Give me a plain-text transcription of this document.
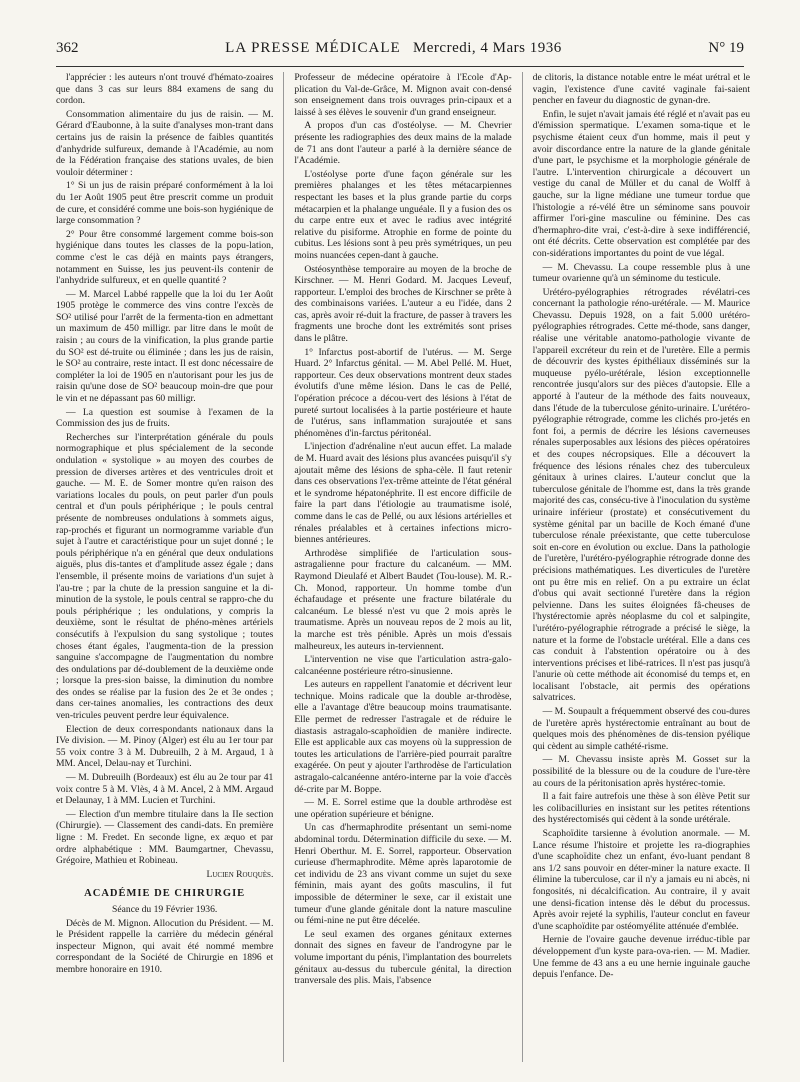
362	LA PRESSE MÉDICALE Mercredi, 4 Mars 1936	N° 19

l'apprécier : les auteurs n'ont trouvé d'hémato-zoaires que dans 3 cas sur leurs 884 examens de sang du cordon.

Consommation alimentaire du jus de raisin. — M. Gérard d'Eaubonne, à la suite d'analyses mon-trant dans certains jus de raisin la présence de faibles quantités d'anhydride sulfureux, demande à l'Académie, au nom de la Fédération française des stations uvales, de bien vouloir déterminer :

1° Si un jus de raisin préparé conformément à la loi du 1er Août 1905 peut être prescrit comme un produit de cure, et considéré comme une bois-son hygiénique de large consommation ?

2° Pour être consommé largement comme bois-son hygiénique dans toutes les classes de la popu-lation, comme c'est le cas déjà en maints pays étrangers, notamment en Suisse, les jus peuvent-ils contenir de l'anhydride sulfureux, et en quelle quantité ?

— M. Marcel Labbé rappelle que la loi du 1er Août 1905 protège le commerce des vins contre l'excès de SO² utilisé pour l'arrêt de la fermenta-tion en admettant un maximum de 450 milligr. par litre dans le moût de raisin ; au cours de la vinification, la plus grande partie du SO² est dé-truite ou éliminée ; dans les jus de raisin, le SO² au contraire, reste intact. Il est donc nécessaire de compléter la loi de 1905 en n'autorisant pour les jus de raisin qu'une dose de SO² beaucoup moin-dre que pour le vin et ne dépassant pas 60 milligr.

— La question est soumise à l'examen de la Commission des jus de fruits.

Recherches sur l'interprétation générale du pouls normographique et plus spécialement de la seconde ondulation « systolique » au moyen des courbes de pression de diverses artères et des ventricules droit et gauche. — M. E. de Somer montre qu'en raison des variations locales du pouls, on peut parler d'un pouls central et d'un pouls périphérique ; le pouls central présente de nombreuses ondulations à sommets aigus, rap-prochés et figurant un normogramme variable d'un sujet à l'autre et caractéristique pour un sujet donné ; le pouls périphérique n'a en général que deux ondulations aiguës, plus dis-tantes et d'amplitude assez égale ; dans l'ensemble, il présente moins de variations d'un sujet à l'au-tre ; par la chute de la pression sanguine et la di-minution de la systole, le pouls central se rappro-che du pouls périphérique ; les ondulations, y compris la deuxième, sont le résultat de phéno-mènes artériels consécutifs à l'expulsion du sang systolique ; toutes choses étant égales, l'augmenta-tion de la pression sanguine s'accompagne de l'augmentation du nombre des ondulations par dé-doublement de la deuxième onde ; lorsque la pres-sion baisse, la diminution du nombre des ondes se réalise par la fusion des 2e et 3e ondes ; dans cer-taines anomalies, les contractions des deux ven-tricules peuvent perdre leur équivalence.

Election de deux correspondants nationaux dans la IVe division. — M. Pinoy (Alger) est élu au 1er tour par 55 voix contre 3 à M. Dubreuilh, 2 à M. Argaud, 1 à MM. Ancel, Delau-nay et Turchini.

— M. Dubreuilh (Bordeaux) est élu au 2e tour par 41 voix contre 5 à M. Vlès, 4 à M. Ancel, 2 à MM. Argaud et Delaunay, 1 à MM. Lucien et Turchini.

— Election d'un membre titulaire dans la IIe section (Chirurgie). — Classement des candi-dats. En première ligne : M. Fredet. En seconde ligne, ex æquo et par ordre alphabétique : MM. Baumgartner, Chevassu, Grégoire, Mathieu et Robineau.

Lucien Rouquès.

ACADÉMIE DE CHIRURGIE

Séance du 19 Février 1936.

Décès de M. Mignon. Allocution du Président. — M. le Président rappelle la carrière du médecin général inspecteur Mignon, qui avait été nommé membre correspondant de la Société de Chirurgie en 1896 et membre honoraire en 1910.

Professeur de médecine opératoire à l'Ecole d'Ap-plication du Val-de-Grâce, M. Mignon avait con-densé son enseignement dans trois ouvrages prin-cipaux et a laissé à ses élèves le souvenir d'un grand enseigneur.

A propos d'un cas d'ostéolyse. — M. Chevrier présente les radiographies des deux mains de la malade de 71 ans dont l'auteur a parlé à la dernière séance de l'Académie.

L'ostéolyse porte d'une façon générale sur les premières phalanges et les têtes métacarpiennes respectant les bases et la plus grande partie du corps métacarpien et la phalange unguéale. Il y a fusion des os du carpe entre eux et avec le radius avec intégrité relative du pisiforme. Atrophie en forme de pointe du cubitus. Les lésions sont à peu près symétriques, un peu moins nuancées cepen-dant à gauche.

Ostéosynthèse temporaire au moyen de la broche de Kirschner. — M. Henri Godard. M. Jacques Leveuf, rapporteur. L'emploi des broches de Kirschner se prête à des combinaisons variées. L'auteur a eu l'idée, dans 2 cas, après avoir ré-duit la fracture, de passer à travers les fragments une broche dont les extrémités sont prises dans le plâtre.

1° Infarctus post-abortif de l'utérus. — M. Serge Huard. 2° Infarctus génital. — M. Abel Pellé. M. Huet, rapporteur. Ces deux observations montrent deux stades évolutifs d'une même lésion. Dans le cas de Pellé, l'opération précoce a décou-vert des lésions à l'état de pureté surtout localisées à la partie postérieure et haute de l'utérus, sans inflammation surajoutée et sans phénomènes d'in-farctus péritonéal.

L'injection d'adrénaline n'eut aucun effet. La malade de M. Huard avait des lésions plus avancées puisqu'il s'y ajoutait même des lésions de spha-cèle. Il faut retenir dans ces observations l'ex-trême atteinte de l'état général et le syndrome hépatonéphrite. Il est encore difficile de faire la part dans l'étiologie au traumatisme isolé, comme dans le cas de Pellé, ou aux lésions artérielles et rénales préalables et à certaines infections micro-biennes antérieures.

Arthrodèse simplifiée de l'articulation sous-astragalienne pour fracture du calcanéum. — MM. Raymond Dieulafé et Albert Baudet (Tou-louse). M. R.-Ch. Monod, rapporteur. Un homme tombe d'un échafaudage et présente une fracture bilatérale du calcanéum. Le blessé n'est vu que 2 mois après le traumatisme. Après un nouveau repos de 2 mois au lit, la marche est très pénible. Après un mois d'essais malheureux, les auteurs in-terviennent.

L'intervention ne vise que l'articulation astra-galo-calcanéenne postérieure rétro-sinusienne.

Les auteurs en rappellent l'anatomie et décrivent leur technique. Moins radicale que la double ar-throdèse, elle a l'avantage d'être beaucoup moins traumatisante. Elle permet de redresser l'astragale et de réduire le diastasis astragalo-scaphoïdien de manière indirecte. Elle est applicable aux cas moyens où la suppression de toutes les articulations de l'arrière-pied pourrait paraître exagérée. On peut y ajouter l'arthrodèse de l'articulation astragalo-calcanéenne antéro-interne par la voie d'accès dé-crite par M. Boppe.

— M. E. Sorrel estime que la double arthrodèse est une opération supérieure et bénigne.

Un cas d'hermaphrodite présentant un semi-nome abdominal tordu. Détermination difficile du sexe. — M. Henri Oberthur. M. E. Sorrel, rapporteur. Observation curieuse d'hermaphrodite. Même après laparotomie de cet individu de 23 ans vivant comme un sujet du sexe féminin, mais ayant des goûts masculins, il fut impossible de déterminer le sexe, car il existait une tumeur d'une glande génitale dont la nature masculine ou fémi-nine ne put être décelée.

Le seul examen des organes génitaux externes donnait des signes en faveur de l'androgyne par le volume important du pénis, l'implantation des bourrelets génitaux au-dessus du tubercule génital, la direction tranversale des plis. Mais, l'absence

de clitoris, la distance notable entre le méat urétral et le vagin, l'existence d'une cavité vaginale fai-saient pencher en faveur du diagnostic de gynan-dre.

Enfin, le sujet n'avait jamais été réglé et n'avait pas eu d'émission spermatique. L'examen soma-tique et le psychisme étaient ceux d'un homme, mais il peut y avoir discordance entre la nature de la glande génitale d'une part, le psychisme et la morphologie générale de l'autre. L'intervention chirurgicale a découvert un vestige du canal de Müller et du canal de Wolff à gauche, sur la ligne médiane une tumeur tordue que l'histologie a ré-vélé être un séminome sans pouvoir affirmer l'ori-gine masculine ou féminine. Des cas d'hermaphro-dite vrai, c'est-à-dire à sexe indifférencié, ont été décrits. Cette observation est complétée par des con-sidérations importantes du point de vue légal.

— M. Chevassu. La coupe ressemble plus à une tumeur ovarienne qu'à un séminome du testicule.

Urétéro-pyélographies rétrogrades révélatri-ces concernant la pathologie réno-urétérale. — M. Maurice Chevassu. Depuis 1928, on a fait 5.000 urétéro-pyélographies rétrogrades. Cette mé-thode, sans danger, réalise une véritable anatomo-pathologie vivante de l'appareil excréteur du rein et de l'uretère. Elle a permis de découvrir des kystes épithéliaux disséminés sur la muqueuse pyélo-urétérale, lésion exceptionnelle rencontrée jusqu'alors sur des pièces d'autopsie. Elle a apporté à l'auteur de la méthode des faits nouveaux, dans l'étude de la tuberculose génito-urinaire. L'urétéro-pyélographie rétrograde, comme les clichés pro-jetés en font foi, a permis de décrire les lésions caverneuses rénales superposables aux lésions des pièces opératoires et des coupes nécropsiques. Elle a découvert la fréquence des lésions rénales chez des tuberculeux génitaux à urines claires. L'auteur conclut que la tuberculose génitale de l'homme est, dans la très grande majorité des cas, consécu-tive à l'inoculation du système urinaire inférieur (prostate) et consécutivement du système génital par un bacille de Koch émané d'une tuberculose rénale préexistante, que cette tuberculose soit en-core en évolution ou exclue. Dans la pathologie de l'uretère, l'urétéro-pyélographie rétrograde donne des précisions mathématiques. Les diverticules de l'uretère ont pu être mis en relief. On a pu extraire un éclat d'obus qui avait sectionné l'uretère dans la région pelvienne. Dans les suites éloignées fâ-cheuses de l'hystérectomie après néoplasme du col et salpingite, l'urétéro-pyélographie rétrograde a précisé le siège, la nature et la forme de l'obstacle urétéral. Elle a dans ces cas conduit à l'abstention opératoire ou à des interventions précises et libé-ratrices. Il n'est pas jusqu'à l'anurie où cette méthode ait économisé du temps et, en localisant l'obstacle, ait permis des opérations salvatrices.

— M. Soupault a fréquemment observé des cou-dures de l'uretère après hystérectomie entraînant au bout de quelques mois des phénomènes de dis-tension pyélique qui cèdent au simple cathété-risme.

— M. Chevassu insiste après M. Gosset sur la possibilité de la blessure ou de la coudure de l'ure-tère au cours de la péritonisation après hystérec-tomie.

Il a fait faire autrefois une thèse à son élève Petit sur les colibacilluries en insistant sur les petites rétentions des hystérectomisés qui cèdent à la sonde urétérale.

Scaphoïdite tarsienne à évolution anormale. — M. Lance résume l'histoire et projette les ra-diographies d'une scaphoïdite chez un enfant, évo-luant pendant 8 ans 1/2 sans pouvoir en déter-miner la nature exacte. Il élimine la tuberculose, car il n'y a jamais eu ni abcès, ni fongosités, ni décalcification. Au contraire, il y avait une densi-fication intense dès le début du processus. Après avoir rejeté la syphilis, l'auteur conclut en faveur d'une scaphoïdite par ostéomyélite atténuée d'emblée.

Hernie de l'ovaire gauche devenue irréduc-tible par développement d'un kyste para-ova-rien. — M. Madier. Une femme de 43 ans a eu une hernie inguinale gauche depuis l'enfance. De-
